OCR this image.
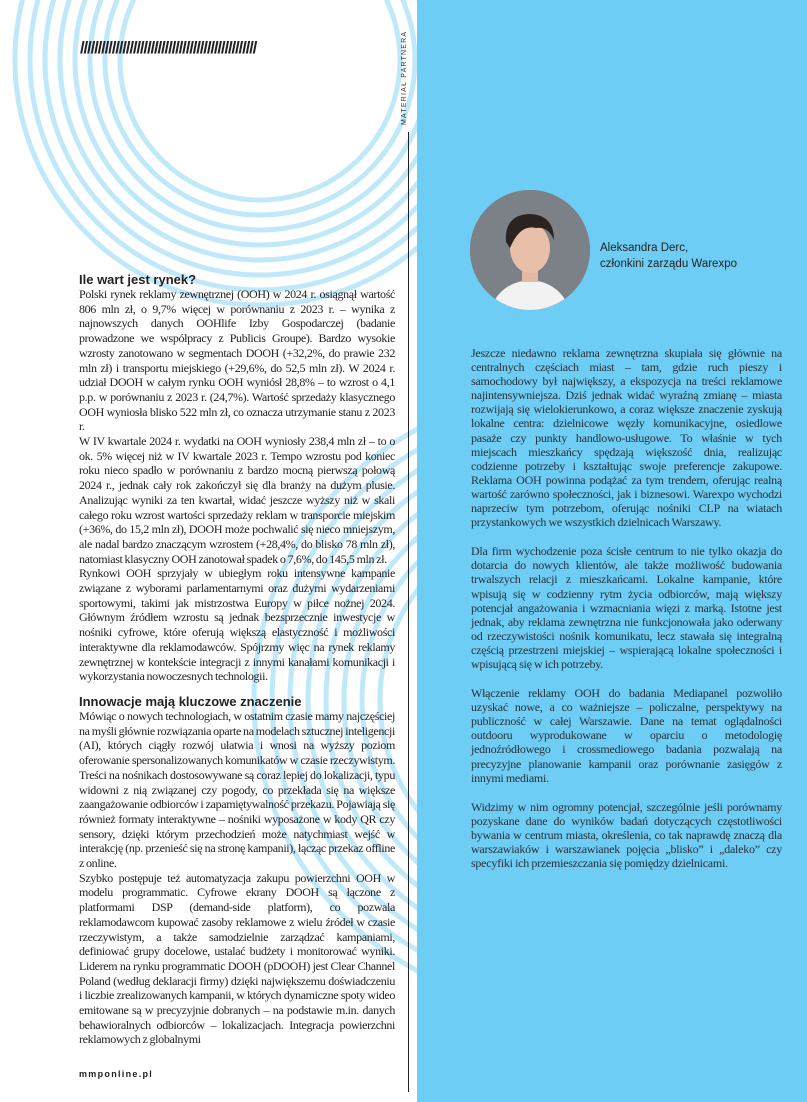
//////////////////////////////////////////////////
Ile wart jest rynek?

Polski rynek reklamy zewnętrznej (OOH) w 2024 r. osiągnął wartość 806 mln zł, o 9,7% więcej w porównaniu z 2023 r. – wynika z najnowszych danych OOHlife Izby Gospodarczej (badanie prowadzone we współpracy z Publicis Groupe). Bardzo wysokie wzrosty zanotowano w segmentach DOOH (+32,2%, do prawie 232 mln zł) i transportu miejskiego (+29,6%, do 52,5 mln zł). W 2024 r. udział DOOH w całym rynku OOH wyniósł 28,8% – to wzrost o 4,1 p.p. w porównaniu z 2023 r. (24,7%). Wartość sprzedaży klasycznego OOH wyniosła blisko 522 mln zł, co oznacza utrzymanie stanu z 2023 r.

W IV kwartale 2024 r. wydatki na OOH wyniosły 238,4 mln zł – to o ok. 5% więcej niż w IV kwartale 2023 r. Tempo wzrostu pod koniec roku nieco spadło w porównaniu z bardzo mocną pierwszą połową 2024 r., jednak cały rok zakończył się dla branży na dużym plusie. Analizując wyniki za ten kwartał, widać jeszcze wyższy niż w skali całego roku wzrost wartości sprzedaży reklam w transporcie miejskim (+36%, do 15,2 mln zł), DOOH może pochwalić się nieco mniejszym, ale nadal bardzo znaczącym wzrostem (+28,4%, do blisko 78 mln zł), natomiast klasyczny OOH zanotował spadek o 7,6%, do 145,5 mln zł.

Rynkowi OOH sprzyjały w ubiegłym roku intensywne kampanie związane z wyborami parlamentarnymi oraz dużymi wydarzeniami sportowymi, takimi jak mistrzostwa Europy w piłce nożnej 2024. Głównym źródłem wzrostu są jednak bezsprzecznie inwestycje w nośniki cyfrowe, które oferują większą elastyczność i możliwości interaktywne dla reklamodawców. Spójrzmy więc na rynek reklamy zewnętrznej w kontekście integracji z innymi kanałami komunikacji i wykorzystania nowoczesnych technologii.

Innowacje mają kluczowe znaczenie

Mówiąc o nowych technologiach, w ostatnim czasie mamy najczęściej na myśli głównie rozwiązania oparte na modelach sztucznej inteligencji (AI), których ciągły rozwój ułatwia i wnosi na wyższy poziom oferowanie spersonalizowanych komunikatów w czasie rzeczywistym. Treści na nośnikach dostosowywane są coraz lepiej do lokalizacji, typu widowni z nią związanej czy pogody, co przekłada się na większe zaangażowanie odbiorców i zapamiętywalność przekazu. Pojawiają się również formaty interaktywne – nośniki wyposażone w kody QR czy sensory, dzięki którym przechodzień może natychmiast wejść w interakcję (np. przenieść się na stronę kampanii), łącząc przekaz offline z online.

Szybko postępuje też automatyzacja zakupu powierzchni OOH w modelu programmatic. Cyfrowe ekrany DOOH są łączone z platformami DSP (demand-side platform), co pozwala reklamodawcom kupować zasoby reklamowe z wielu źródeł w czasie rzeczywistym, a także samodzielnie zarządzać kampaniami, definiować grupy docelowe, ustalać budżety i monitorować wyniki. Liderem na rynku programmatic DOOH (pDOOH) jest Clear Channel Poland (według deklaracji firmy) dzięki największemu doświadczeniu i liczbie zrealizowanych kampanii, w których dynamiczne spoty wideo emitowane są w precyzyjnie dobranych – na podstawie m.in. danych behawioralnych odbiorców – lokalizacjach. Integracja powierzchni reklamowych z globalnymi

mmponline.pl
MATERIAŁ PARTNERA
Aleksandra Derc,
członkini zarządu Warexpo

Jeszcze niedawno reklama zewnętrzna skupiała się głównie na centralnych częściach miast – tam, gdzie ruch pieszy i samochodowy był największy, a ekspozycja na treści reklamowe najintensywniejsza. Dziś jednak widać wyraźną zmianę – miasta rozwijają się wielokierunkowo, a coraz większe znaczenie zyskują lokalne centra: dzielnicowe węzły komunikacyjne, osiedlowe pasaże czy punkty handlowo-usługowe. To właśnie w tych miejscach mieszkańcy spędzają większość dnia, realizując codzienne potrzeby i kształtując swoje preferencje zakupowe. Reklama OOH powinna podążać za tym trendem, oferując realną wartość zarówno społeczności, jak i biznesowi. Warexpo wychodzi naprzeciw tym potrzebom, oferując nośniki CLP na wiatach przystankowych we wszystkich dzielnicach Warszawy.

Dla firm wychodzenie poza ścisłe centrum to nie tylko okazja do dotarcia do nowych klientów, ale także możliwość budowania trwalszych relacji z mieszkańcami. Lokalne kampanie, które wpisują się w codzienny rytm życia odbiorców, mają większy potencjał angażowania i wzmacniania więzi z marką. Istotne jest jednak, aby reklama zewnętrzna nie funkcjonowała jako oderwany od rzeczywistości nośnik komunikatu, lecz stawała się integralną częścią przestrzeni miejskiej – wspierającą lokalne społeczności i wpisującą się w ich potrzeby.

Włączenie reklamy OOH do badania Mediapanel pozwoliło uzyskać nowe, a co ważniejsze – policzalne, perspektywy na publiczność w całej Warszawie. Dane na temat oglądalności outdooru wyprodukowane w oparciu o metodologię jednoźródłowego i crossmediowego badania pozwalają na precyzyjne planowanie kampanii oraz porównanie zasięgów z innymi mediami.

Widzimy w nim ogromny potencjał, szczególnie jeśli porównamy pozyskane dane do wyników badań dotyczących częstotliwości bywania w centrum miasta, określenia, co tak naprawdę znaczą dla warszawiaków i warszawianek pojęcia „blisko” i „daleko” czy specyfiki ich przemieszczania się pomiędzy dzielnicami.
